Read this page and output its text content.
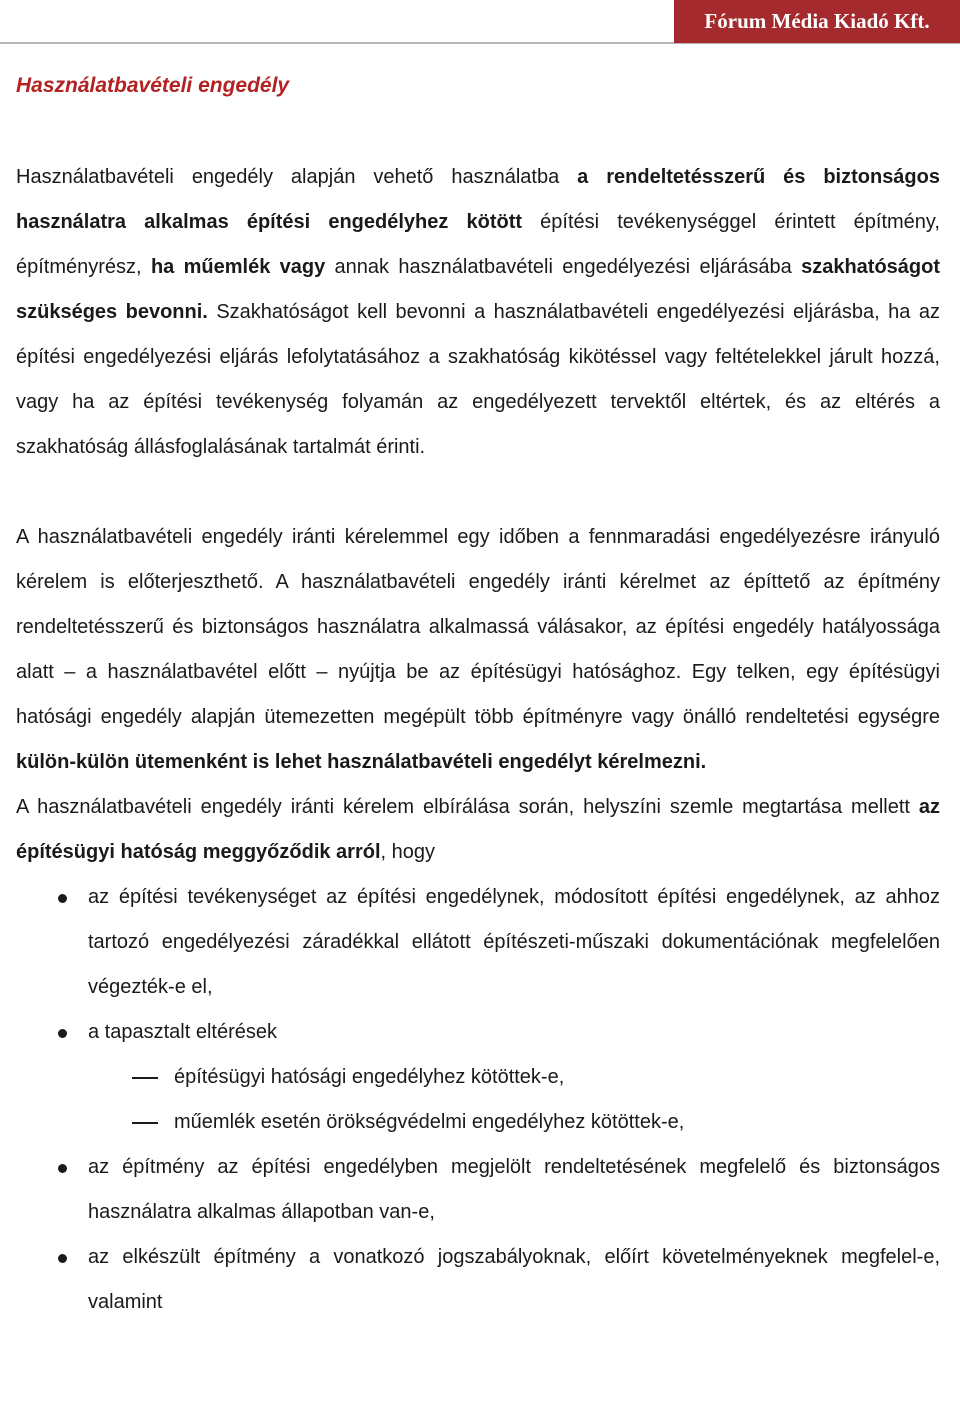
Fórum Média Kiadó Kft.
Használatbavételi engedély

Használatbavételi engedély alapján vehető használatba a rendeltetésszerű és biztonságos használatra alkalmas építési engedélyhez kötött építési tevékenységgel érintett építmény, építményrész, ha műemlék vagy annak használatbavételi engedélyezési eljárásába szakhatóságot szükséges bevonni. Szakhatóságot kell bevonni a használatbavételi engedélyezési eljárásba, ha az építési engedélyezési eljárás lefolytatásához a szakhatóság kikötéssel vagy feltételekkel járult hozzá, vagy ha az építési tevékenység folyamán az engedélyezett tervektől eltértek, és az eltérés a szakhatóság állásfoglalásának tartalmát érinti.

A használatbavételi engedély iránti kérelemmel egy időben a fennmaradási engedélyezésre irányuló kérelem is előterjeszthető. A használatbavételi engedély iránti kérelmet az építtető az építmény rendeltetésszerű és biztonságos használatra alkalmassá válásakor, az építési engedély hatályossága alatt – a használatbavétel előtt – nyújtja be az építésügyi hatósághoz. Egy telken, egy építésügyi hatósági engedély alapján ütemezetten megépült több építményre vagy önálló rendeltetési egységre külön-külön ütemenként is lehet használatbavételi engedélyt kérelmezni.

A használatbavételi engedély iránti kérelem elbírálása során, helyszíni szemle megtartása mellett az építésügyi hatóság meggyőződik arról, hogy

az építési tevékenységet az építési engedélynek, módosított építési engedélynek, az ahhoz tartozó engedélyezési záradékkal ellátott építészeti-műszaki dokumentációnak megfelelően végezték-e el,
a tapasztalt eltérések
építésügyi hatósági engedélyhez kötöttek-e,
műemlék esetén örökségvédelmi engedélyhez kötöttek-e,
az építmény az építési engedélyben megjelölt rendeltetésének megfelelő és biztonságos használatra alkalmas állapotban van-e,
az elkészült építmény a vonatkozó jogszabályoknak, előírt követelményeknek megfelel-e, valamint
